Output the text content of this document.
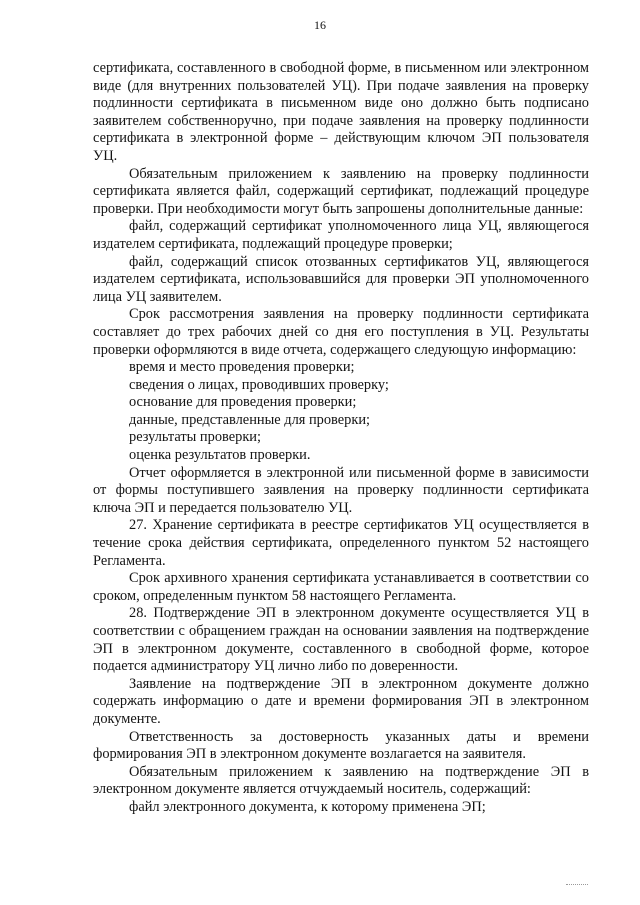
16

сертификата, составленного в свободной форме, в письменном или электронном виде (для внутренних пользователей УЦ). При подаче заявления на проверку подлинности сертификата в письменном виде оно должно быть подписано заявителем собственноручно, при подаче заявления на проверку подлинности сертификата в электронной форме – действующим ключом ЭП пользователя УЦ.

Обязательным приложением к заявлению на проверку подлинности сертификата является файл, содержащий сертификат, подлежащий процедуре проверки. При необходимости могут быть запрошены дополнительные данные:

файл, содержащий сертификат уполномоченного лица УЦ, являющегося издателем сертификата, подлежащий процедуре проверки;

файл, содержащий список отозванных сертификатов УЦ, являющегося издателем сертификата, использовавшийся для проверки ЭП уполномоченного лица УЦ заявителем.

Срок рассмотрения заявления на проверку подлинности сертификата составляет до трех рабочих дней со дня его поступления в УЦ. Результаты проверки оформляются в виде отчета, содержащего следующую информацию:

время и место проведения проверки;

сведения о лицах, проводивших проверку;

основание для проведения проверки;

данные, представленные для проверки;

результаты проверки;

оценка результатов проверки.

Отчет оформляется в электронной или письменной форме в зависимости от формы поступившего заявления на проверку подлинности сертификата ключа ЭП и передается пользователю УЦ.

27. Хранение сертификата в реестре сертификатов УЦ осуществляется в течение срока действия сертификата, определенного пунктом 52 настоящего Регламента.

Срок архивного хранения сертификата устанавливается в соответствии со сроком, определенным пунктом 58 настоящего Регламента.

28. Подтверждение ЭП в электронном документе осуществляется УЦ в соответствии с обращением граждан на основании заявления на подтверждение ЭП в электронном документе, составленного в свободной форме, которое подается администратору УЦ лично либо по доверенности.

Заявление на подтверждение ЭП в электронном документе должно содержать информацию о дате и времени формирования ЭП в электронном документе.

Ответственность за достоверность указанных даты и времени формирования ЭП в электронном документе возлагается на заявителя.

Обязательным приложением к заявлению на подтверждение ЭП в электронном документе является отчуждаемый носитель, содержащий:

файл электронного документа, к которому применена ЭП;
